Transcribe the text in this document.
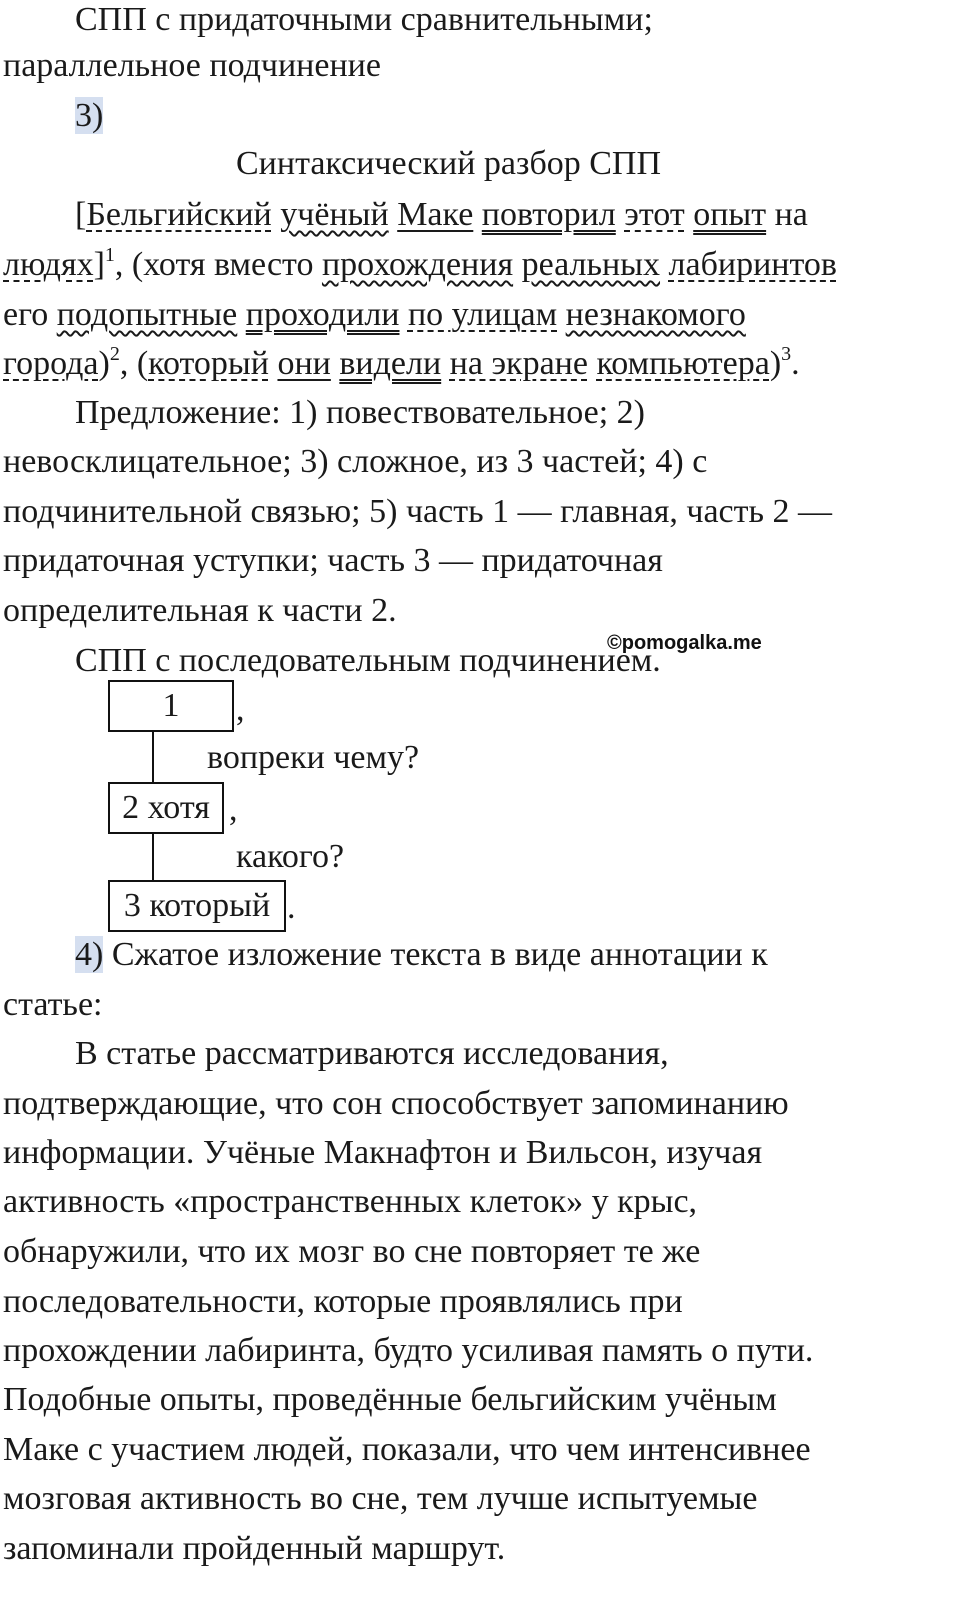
СПП с придаточными сравнительными;
параллельное подчинение
3)
Синтаксический разбор СПП
[Бельгийский учёный Маке повторил этот опыт на
людях]$^1$, (хотя вместо прохождения реальных лабиринтов
его подопытные проходили по улицам незнакомого
города)$^2$, (который они видели на экране компьютера)$^3$.
Предложение: 1) повествовательное; 2)
невосклицательное; 3) сложное, из 3 частей; 4) с
подчинительной связью; 5) часть 1 — главная, часть 2 —
придаточная уступки; часть 3 — придаточная
определительная к части 2.
©pomogalka.me
СПП с последовательным подчинением.
1	,
вопреки чему?
2 хотя ,
какого?
3 который .
4) Сжатое изложение текста в виде аннотации к
статье:
В статье рассматриваются исследования,
подтверждающие, что сон способствует запоминанию
информации. Учёные Макнафтон и Вильсон, изучая
активность «пространственных клеток» у крыс,
обнаружили, что их мозг во сне повторяет те же
последовательности, которые проявлялись при
прохождении лабиринта, будто усиливая память о пути.
Подобные опыты, проведённые бельгийским учёным
Маке с участием людей, показали, что чем интенсивнее
мозговая активность во сне, тем лучше испытуемые
запоминали пройденный маршрут.
